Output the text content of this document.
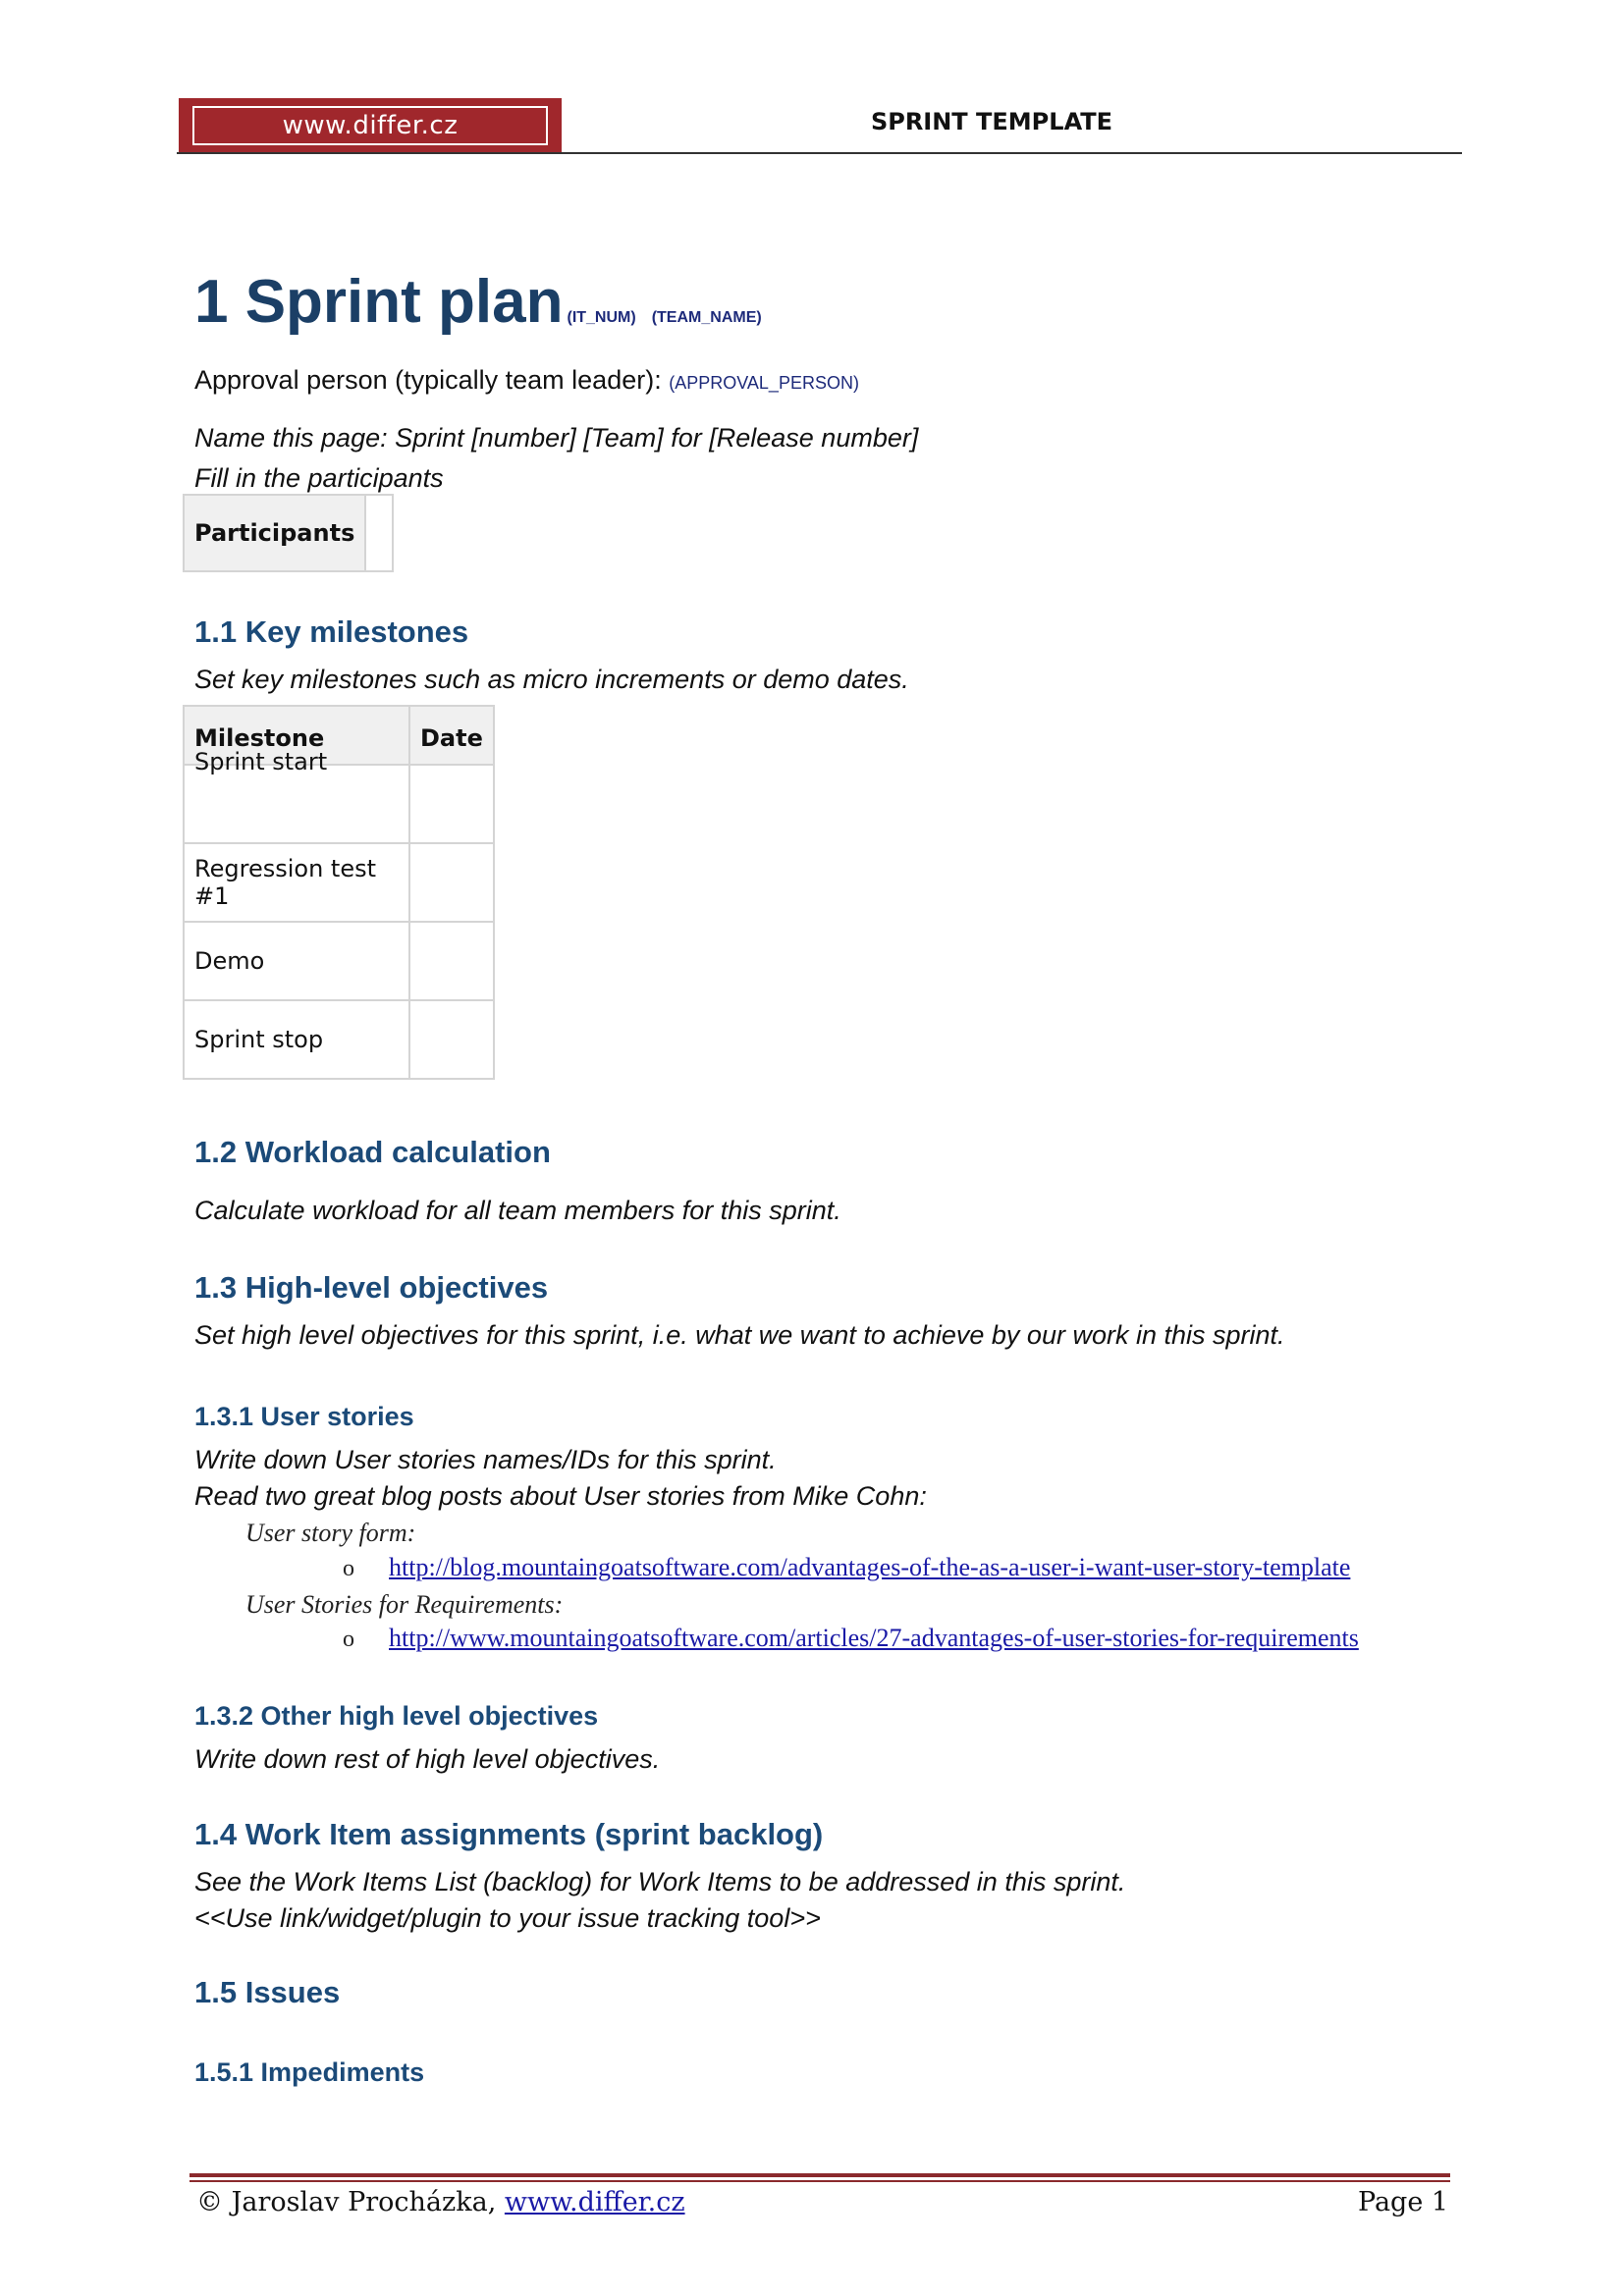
www.differ.cz	SPRINT TEMPLATE
1 Sprint plan (IT_NUM) (TEAM_NAME)
Approval person (typically team leader): (APPROVAL_PERSON)
Name this page: Sprint [number] [Team] for [Release number]
Fill in the participants
Participants	
1.1 Key milestones
Set key milestones such as micro increments or demo dates.
Milestone	Date
Sprint start	
Regression test #1	
Demo	
Sprint stop	
1.2 Workload calculation
Calculate workload for all team members for this sprint.
1.3 High-level objectives
Set high level objectives for this sprint, i.e. what we want to achieve by our work in this sprint.
1.3.1 User stories
Write down User stories names/IDs for this sprint.
Read two great blog posts about User stories from Mike Cohn:
User story form:
o http://blog.mountaingoatsoftware.com/advantages-of-the-as-a-user-i-want-user-story-template
User Stories for Requirements:
o http://www.mountaingoatsoftware.com/articles/27-advantages-of-user-stories-for-requirements
1.3.2 Other high level objectives
Write down rest of high level objectives.
1.4 Work Item assignments (sprint backlog)
See the Work Items List (backlog) for Work Items to be addressed in this sprint.
<<Use link/widget/plugin to your issue tracking tool>>
1.5 Issues
1.5.1 Impediments
© Jaroslav Procházka, www.differ.cz	Page 1
